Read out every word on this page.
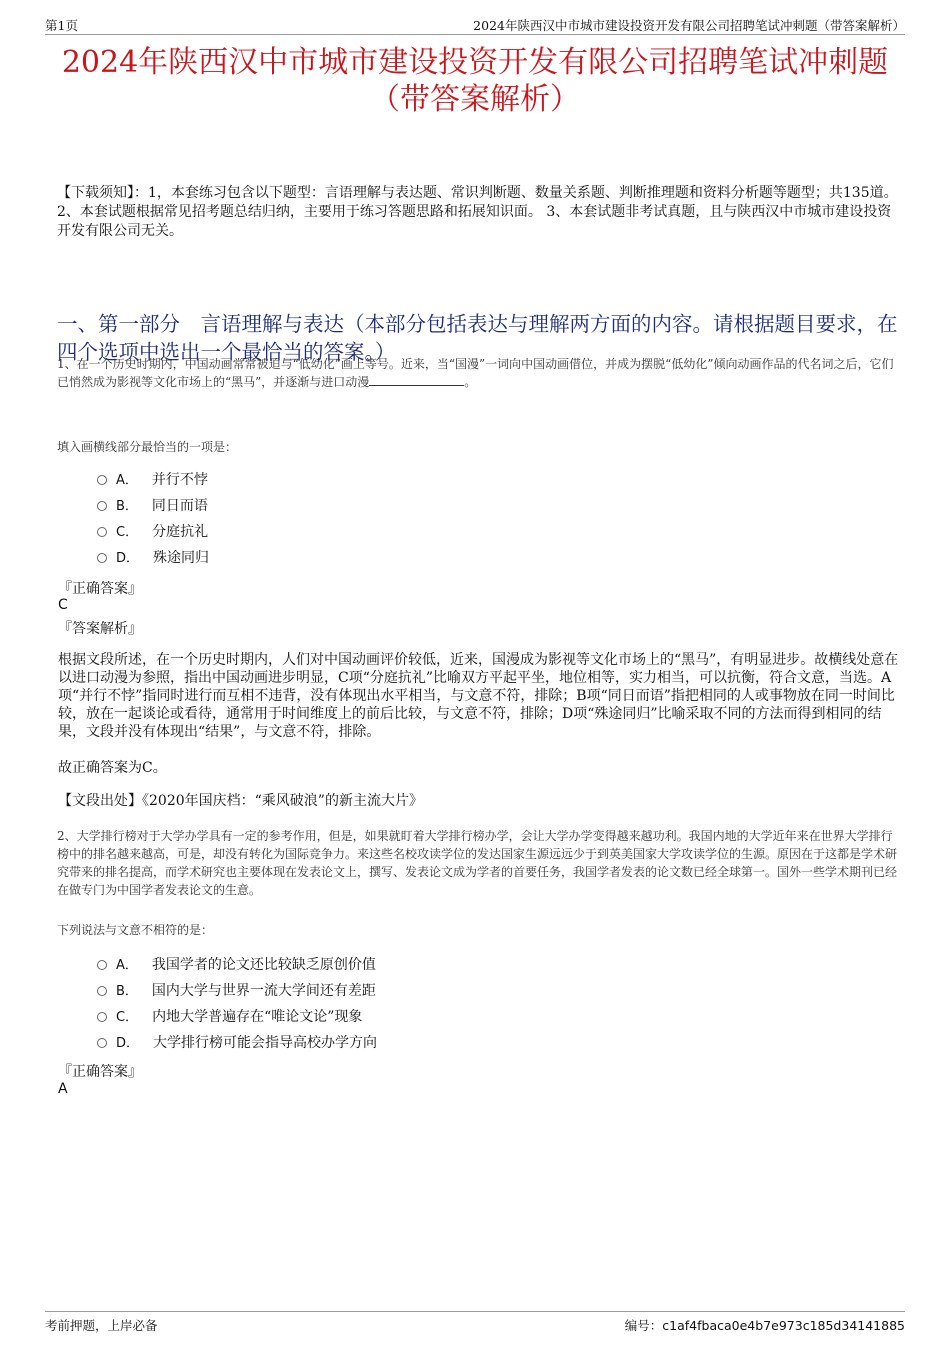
第1页	2024年陕西汉中市城市建设投资开发有限公司招聘笔试冲刺题（带答案解析）
2024年陕西汉中市城市建设投资开发有限公司招聘笔试冲刺题
（带答案解析）
【下载须知】：1，本套练习包含以下题型：言语理解与表达题、常识判断题、数量关系题、判断推理题和资料分析题等题型；共135道。 2、本套试题根据常见招考题总结归纳，主要用于练习答题思路和拓展知识面。 3、本套试题非考试真题，且与陕西汉中市城市建设投资开发有限公司无关。
一、第一部分　言语理解与表达（本部分包括表达与理解两方面的内容。请根据题目要求，在四个选项中选出一个最恰当的答案。）
1、在一个历史时期内，中国动画常常被迫与“低幼化”画上等号。近来，当“国漫”一词向中国动画借位，并成为摆脱“低幼化”倾向动画作品的代名词之后，它们已悄然成为影视等文化市场上的“黑马”，并逐渐与进口动漫	。
填入画横线部分最恰当的一项是：
A． 并行不悖
B． 同日而语
C． 分庭抗礼
D． 殊途同归
『正确答案』
C
『答案解析』
根据文段所述，在一个历史时期内，人们对中国动画评价较低，近来，国漫成为影视等文化市场上的“黑马”，有明显进步。故横线处意在以进口动漫为参照，指出中国动画进步明显，C项“分庭抗礼”比喻双方平起平坐，地位相等，实力相当，可以抗衡，符合文意，当选。A项“并行不悖”指同时进行而互相不违背，没有体现出水平相当，与文意不符，排除；B项“同日而语”指把相同的人或事物放在同一时间比较，放在一起谈论或看待，通常用于时间维度上的前后比较，与文意不符，排除；D项“殊途同归”比喻采取不同的方法而得到相同的结果，文段并没有体现出“结果”，与文意不符，排除。
故正确答案为C。
【文段出处】《2020年国庆档：“乘风破浪”的新主流大片》
2、大学排行榜对于大学办学具有一定的参考作用，但是，如果就盯着大学排行榜办学，会让大学办学变得越来越功利。我国内地的大学近年来在世界大学排行榜中的排名越来越高，可是，却没有转化为国际竞争力。来这些名校攻读学位的发达国家生源远远少于到英美国家大学攻读学位的生源。原因在于这都是学术研究带来的排名提高，而学术研究也主要体现在发表论文上，撰写、发表论文成为学者的首要任务，我国学者发表的论文数已经全球第一。国外一些学术期刊已经在做专门为中国学者发表论文的生意。
下列说法与文意不相符的是：
A． 我国学者的论文还比较缺乏原创价值
B． 国内大学与世界一流大学间还有差距
C． 内地大学普遍存在“唯论文论”现象
D． 大学排行榜可能会指导高校办学方向
『正确答案』
A
考前押题，上岸必备	编号：c1af4fbaca0e4b7e973c185d34141885
